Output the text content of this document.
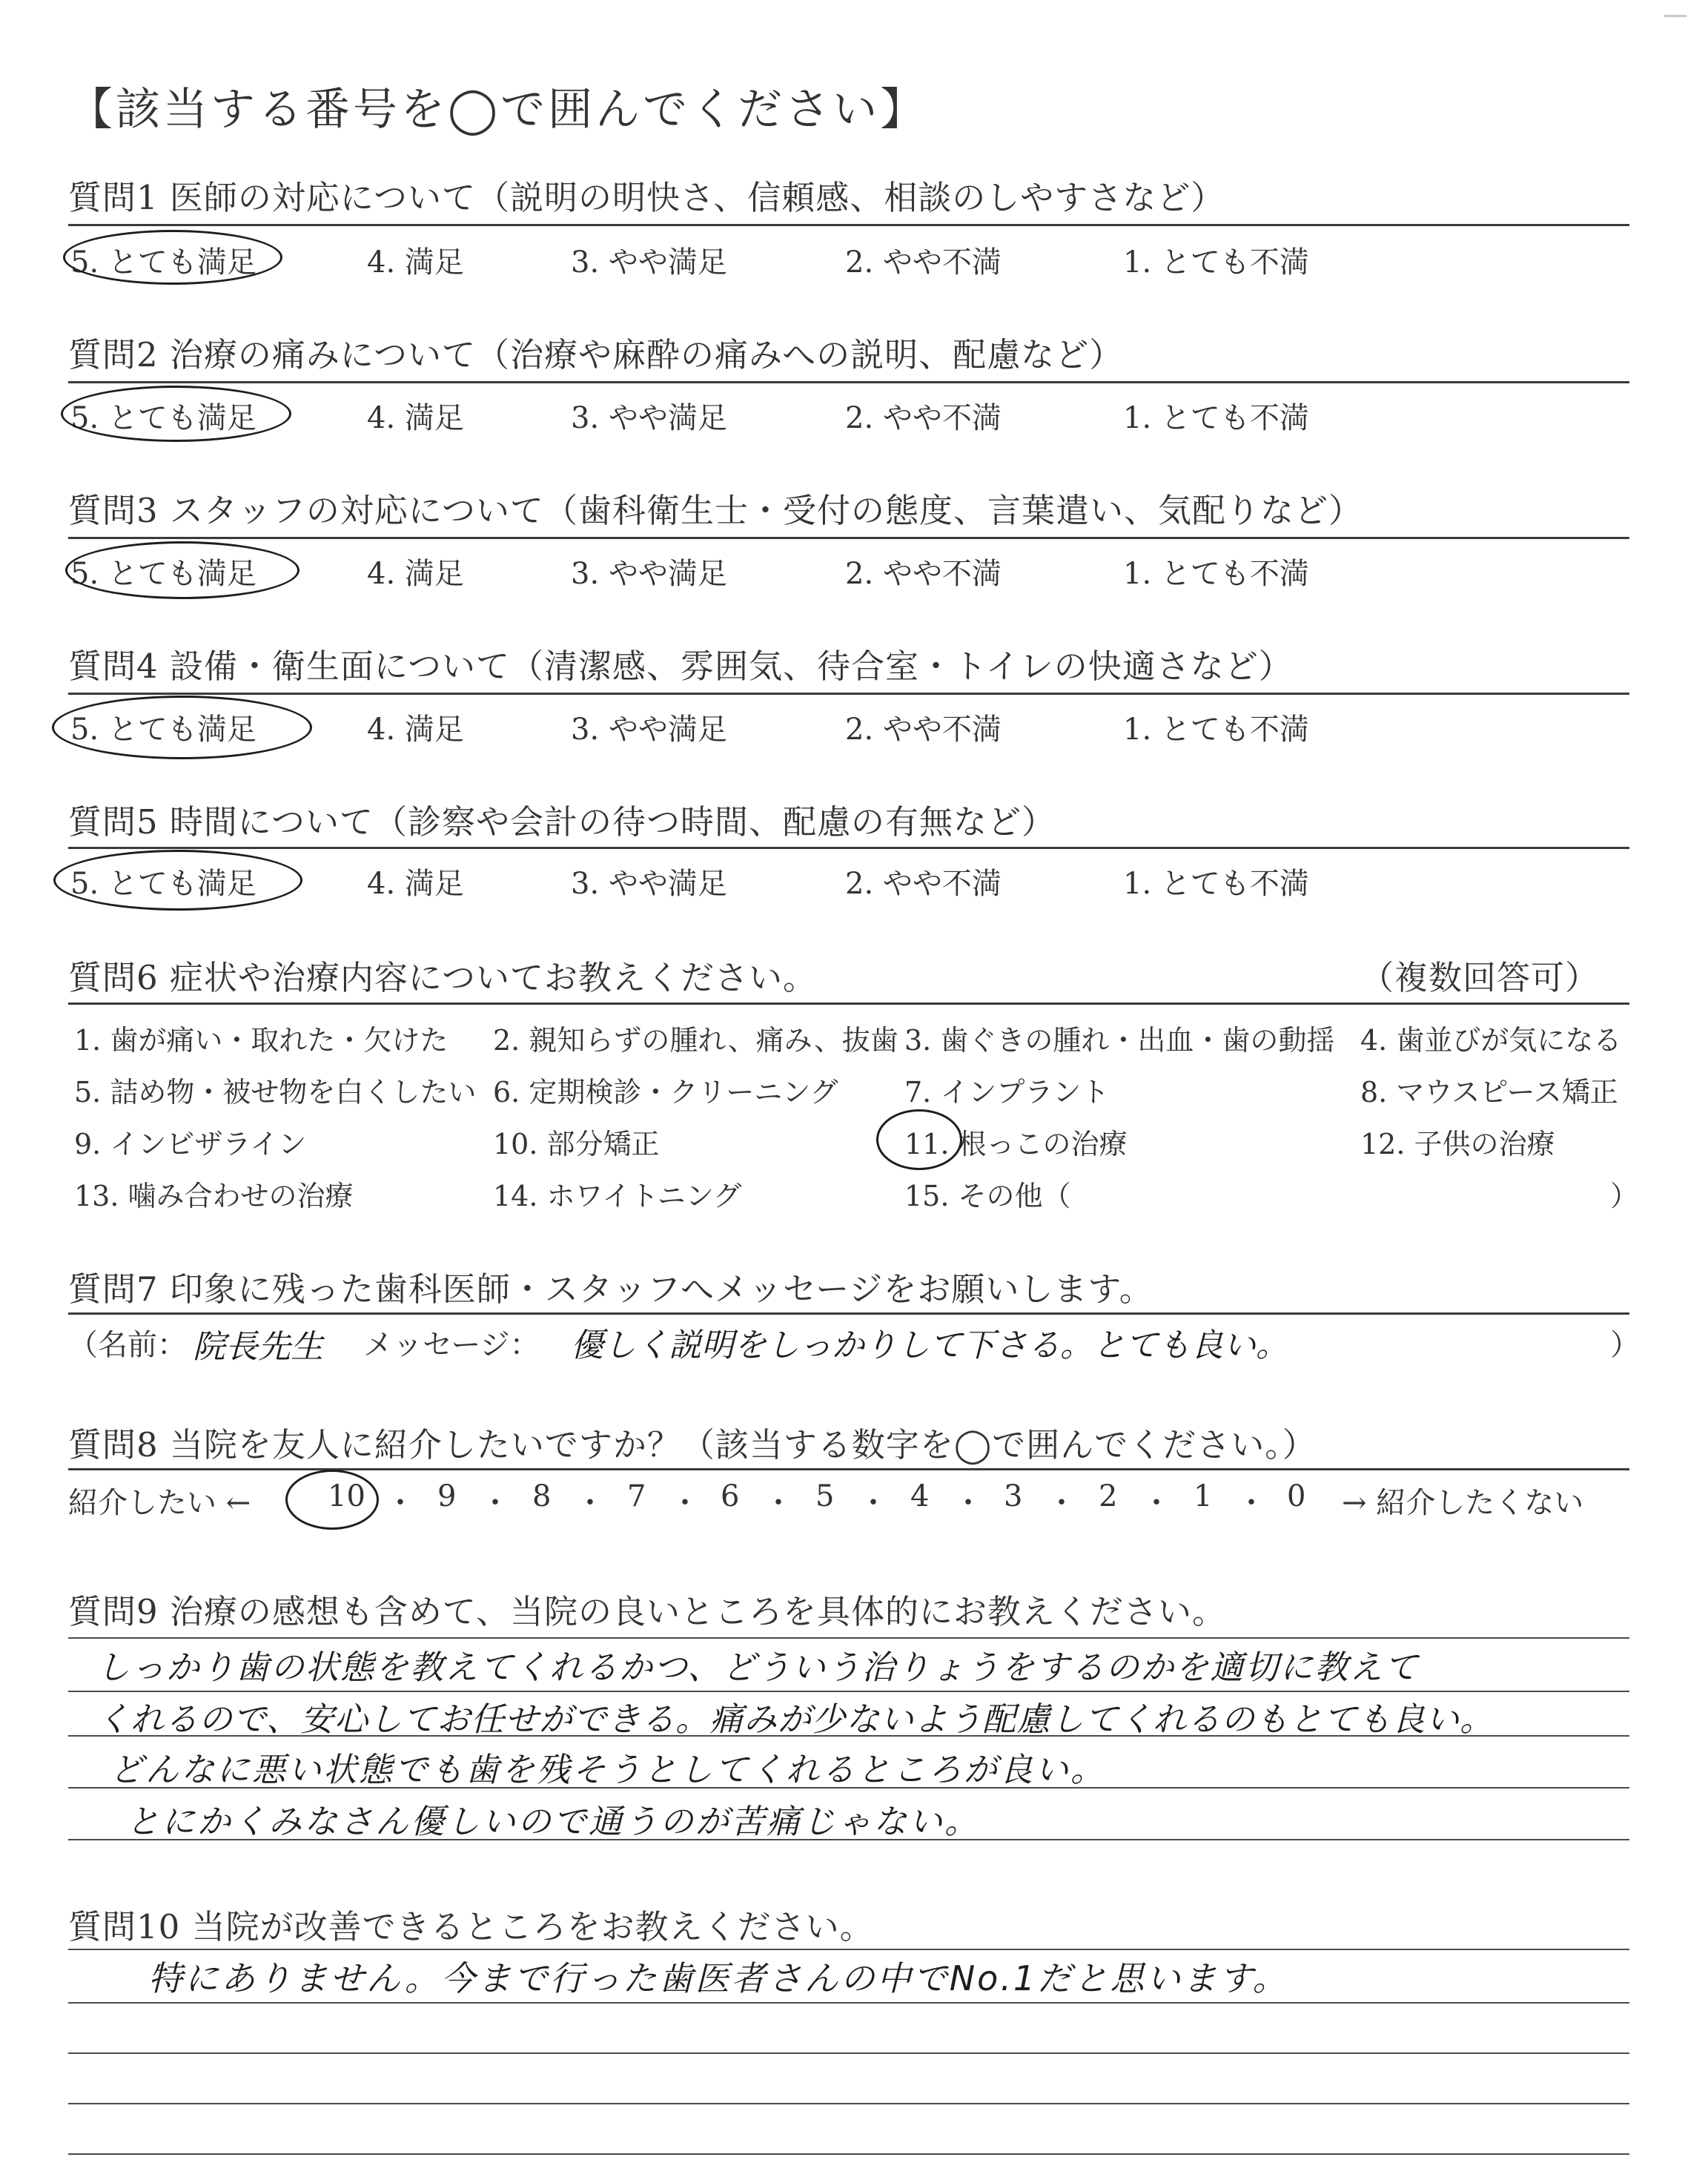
【該当する番号を◯で囲んでください】
質問1 医師の対応について（説明の明快さ、信頼感、相談のしやすさなど）
5. とても満足	4. 満足	3. やや満足	2. やや不満	1. とても不満
質問2 治療の痛みについて（治療や麻酔の痛みへの説明、配慮など）
5. とても満足	4. 満足	3. やや満足	2. やや不満	1. とても不満
質問3 スタッフの対応について（歯科衛生士・受付の態度、言葉遣い、気配りなど）
5. とても満足	4. 満足	3. やや満足	2. やや不満	1. とても不満
質問4 設備・衛生面について（清潔感、雰囲気、待合室・トイレの快適さなど）
5. とても満足	4. 満足	3. やや満足	2. やや不満	1. とても不満
質問5 時間について（診察や会計の待つ時間、配慮の有無など）
5. とても満足	4. 満足	3. やや満足	2. やや不満	1. とても不満
質問6 症状や治療内容についてお教えください。	（複数回答可）
1. 歯が痛い・取れた・欠けた 2. 親知らずの腫れ、痛み、抜歯 3. 歯ぐきの腫れ・出血・歯の動揺 4. 歯並びが気になる
5. 詰め物・被せ物を白くしたい 6. 定期検診・クリーニング 7. インプラント	8. マウスピース矯正
9. インビザライン	10. 部分矯正	11. 根っこの治療	12. 子供の治療
13. 噛み合わせの治療	14. ホワイトニング	15. その他（	）
質問7 印象に残った歯科医師・スタッフへメッセージをお願いします。
（名前： 院長先生 メッセージ： 優しく説明をしっかりして下さる。とても良い。	）
質問8 当院を友人に紹介したいですか？（該当する数字を◯で囲んでください。）
紹介したい ←	10 ・ 9 ・ 8 ・ 7 ・ 6 ・ 5 ・ 4 ・ 3 ・ 2 ・ 1 ・ 0 → 紹介したくない
質問9 治療の感想も含めて、当院の良いところを具体的にお教えください。
しっかり歯の状態を教えてくれるかつ、どういう治りょうをするのかを適切に教えて
くれるので、安心してお任せができる。痛みが少ないよう配慮してくれるのもとても良い。
どんなに悪い状態でも歯を残そうとしてくれるところが良い。
とにかくみなさん優しいので通うのが苦痛じゃない。
質問10 当院が改善できるところをお教えください。
特にありません。今まで行った歯医者さんの中でNo.1だと思います。
